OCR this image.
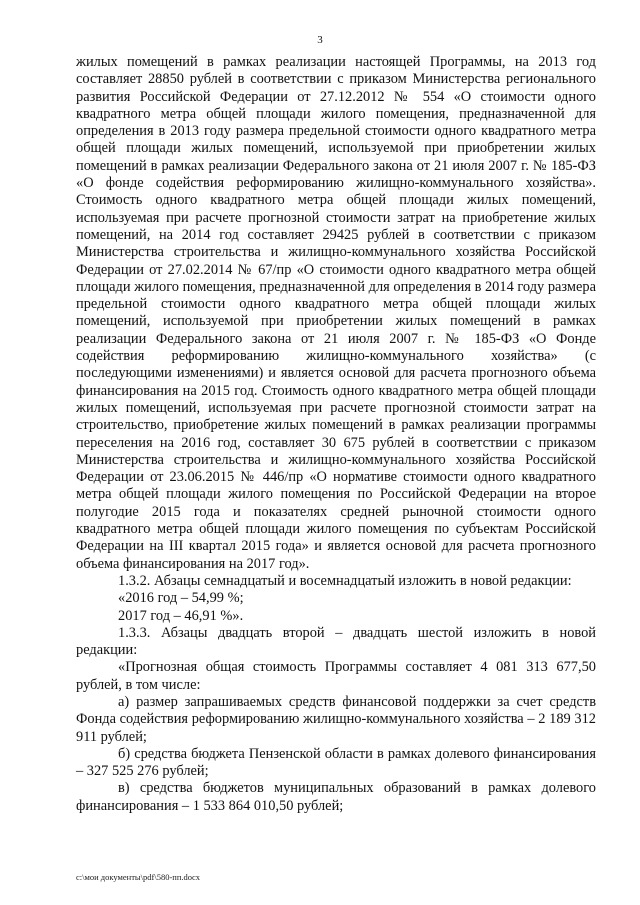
3

жилых помещений в рамках реализации настоящей Программы, на 2013 год составляет 28850 рублей в соответствии с приказом Министерства регионального развития Российской Федерации от 27.12.2012 № 554 «О стоимости одного квадратного метра общей площади жилого помещения, предназначенной для определения в 2013 году размера предельной стоимости одного квадратного метра общей площади жилых помещений, используемой при приобретении жилых помещений в рамках реализации Федерального закона от 21 июля 2007 г. № 185-ФЗ «О фонде содействия реформированию жилищно-коммунального хозяйства». Стоимость одного квадратного метра общей площади жилых помещений, используемая при расчете прогнозной стоимости затрат на приобретение жилых помещений, на 2014 год составляет 29425 рублей в соответствии с приказом Министерства строительства и жилищно-коммунального хозяйства Российской Федерации от 27.02.2014 № 67/пр «О стоимости одного квадратного метра общей площади жилого помещения, предназначенной для определения в 2014 году размера предельной стоимости одного квадратного метра общей площади жилых помещений, используемой при приобретении жилых помещений в рамках реализации Федерального закона от 21 июля 2007 г. № 185-ФЗ «О Фонде содействия реформированию жилищно-коммунального хозяйства» (с последующими изменениями) и является основой для расчета прогнозного объема финансирования на 2015 год. Стоимость одного квадратного метра общей площади жилых помещений, используемая при расчете прогнозной стоимости затрат на строительство, приобретение жилых помещений в рамках реализации программы переселения на 2016 год, составляет 30 675 рублей в соответствии с приказом Министерства строительства и жилищно-коммунального хозяйства Российской Федерации от 23.06.2015 № 446/пр «О нормативе стоимости одного квадратного метра общей площади жилого помещения по Российской Федерации на второе полугодие 2015 года и показателях средней рыночной стоимости одного квадратного метра общей площади жилого помещения по субъектам Российской Федерации на III квартал 2015 года» и является основой для расчета прогнозного объема финансирования на 2017 год».

1.3.2. Абзацы семнадцатый и восемнадцатый изложить в новой редакции:

«2016 год – 54,99 %;

2017 год – 46,91 %».

1.3.3. Абзацы двадцать второй – двадцать шестой изложить в новой редакции:

«Прогнозная общая стоимость Программы составляет 4 081 313 677,50 рублей, в том числе:

а) размер запрашиваемых средств финансовой поддержки за счет средств Фонда содействия реформированию жилищно-коммунального хозяйства – 2 189 312 911 рублей;

б) средства бюджета Пензенской области в рамках долевого финансирования – 327 525 276 рублей;

в) средства бюджетов муниципальных образований в рамках долевого финансирования – 1 533 864 010,50 рублей;

c:\мои документы\pdf\580-пп.docx
